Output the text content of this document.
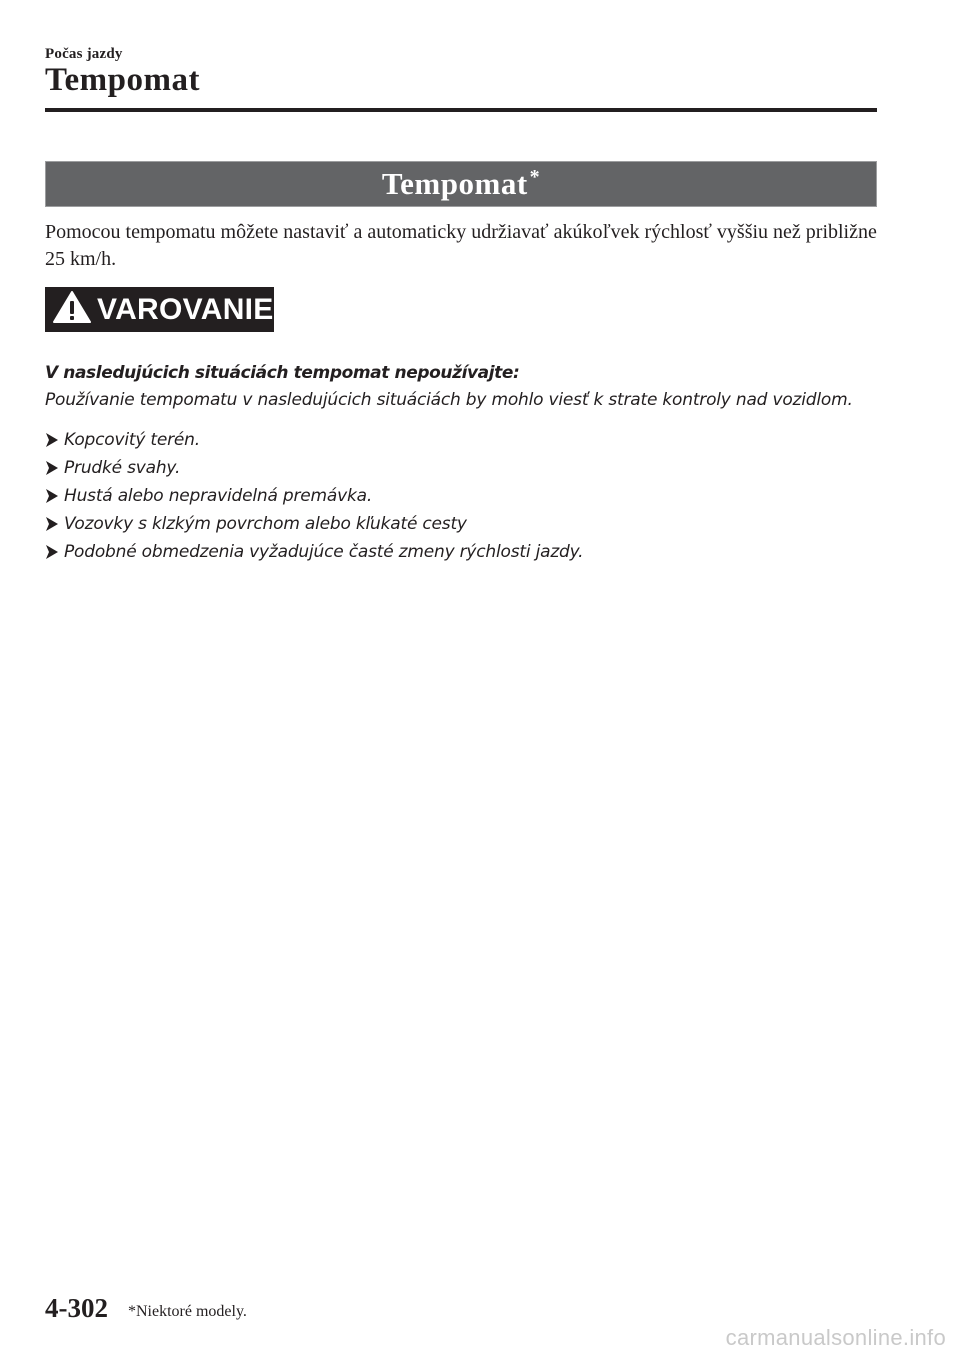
Počas jazdy
Tempomat
Tempomat *
Pomocou tempomatu môžete nastaviť a automaticky udržiavať akúkoľvek rýchlosť vyššiu než približne 25 km/h.
VAROVANIE
V nasledujúcich situáciách tempomat nepoužívajte:
Používanie tempomatu v nasledujúcich situáciách by mohlo viesť k strate kontroly nad vozidlom.
Kopcovitý terén.
Prudké svahy.
Hustá alebo nepravidelná premávka.
Vozovky s klzkým povrchom alebo kľukaté cesty
Podobné obmedzenia vyžadujúce časté zmeny rýchlosti jazdy.
4-302 *Niektoré modely.
carmanualsonline.info
